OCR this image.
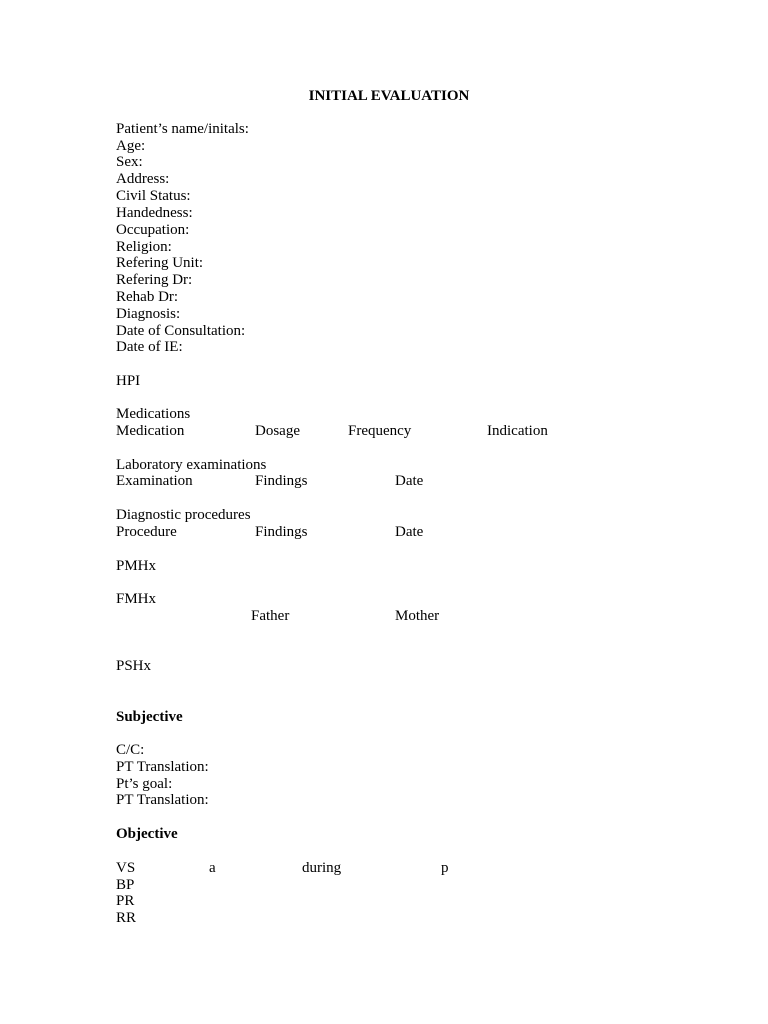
INITIAL EVALUATION
Patient’s name/initals:
Age:
Sex:
Address:
Civil Status:
Handedness:
Occupation:
Religion:
Refering Unit:
Refering Dr:
Rehab Dr:
Diagnosis:
Date of Consultation:
Date of IE:
HPI
Medications
Medication	Dosage	Frequency	Indication
Laboratory examinations
Examination	Findings	Date
Diagnostic procedures
Procedure	Findings	Date
PMHx
FMHx
Father	Mother
PSHx
Subjective
C/C:
PT Translation:
Pt’s goal:
PT Translation:
Objective
VS	a	during	p
BP
PR
RR
